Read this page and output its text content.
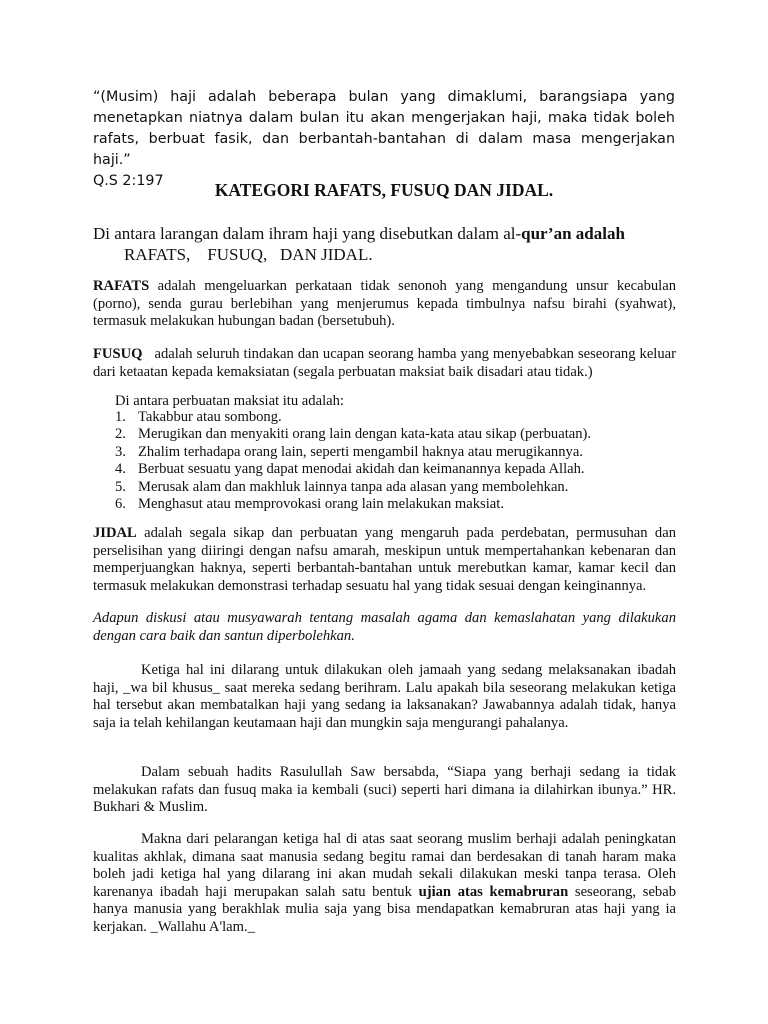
“(Musim) haji adalah beberapa bulan yang dimaklumi, barangsiapa yang menetapkan niatnya dalam bulan itu akan mengerjakan haji, maka tidak boleh rafats, berbuat fasik, dan berbantah-bantahan di dalam masa mengerjakan haji.”
Q.S 2:197	KATEGORI RAFATS, FUSUQ DAN JIDAL.
Di antara larangan dalam ihram haji yang disebutkan dalam al-qur’an adalah
RAFATS,    FUSUQ,   DAN JIDAL.
RAFATS adalah mengeluarkan perkataan tidak senonoh yang mengandung unsur kecabulan (porno), senda gurau berlebihan yang menjerumus kepada timbulnya nafsu birahi (syahwat), termasuk melakukan hubungan badan (bersetubuh).
FUSUQ   adalah seluruh tindakan dan ucapan seorang hamba yang menyebabkan seseorang keluar dari ketaatan kepada kemaksiatan (segala perbuatan maksiat baik disadari atau tidak.)
Di antara perbuatan maksiat itu adalah:
1. Takabbur atau sombong.
2. Merugikan dan menyakiti orang lain dengan kata-kata atau sikap (perbuatan).
3. Zhalim terhadapa orang lain, seperti mengambil haknya atau merugikannya.
4. Berbuat sesuatu yang dapat menodai akidah dan keimanannya kepada Allah.
5. Merusak alam dan makhluk lainnya tanpa ada alasan yang membolehkan.
6. Menghasut atau memprovokasi orang lain melakukan maksiat.
JIDAL adalah segala sikap dan perbuatan yang mengaruh pada perdebatan, permusuhan dan perselisihan yang diiringi dengan nafsu amarah, meskipun untuk mempertahankan kebenaran dan memperjuangkan haknya, seperti berbantah-bantahan untuk merebutkan kamar, kamar kecil dan termasuk melakukan demonstrasi terhadap sesuatu hal yang tidak sesuai dengan keinginannya.
Adapun diskusi atau musyawarah tentang masalah agama dan kemaslahatan yang dilakukan dengan cara baik dan santun diperbolehkan.
Ketiga hal ini dilarang untuk dilakukan oleh jamaah yang sedang melaksanakan ibadah haji, _wa bil khusus_ saat mereka sedang berihram. Lalu apakah bila seseorang melakukan ketiga hal tersebut akan membatalkan haji yang sedang ia laksanakan? Jawabannya adalah tidak, hanya saja ia telah kehilangan keutamaan haji dan mungkin saja mengurangi pahalanya.
Dalam sebuah hadits Rasulullah Saw bersabda, “Siapa yang berhaji sedang ia tidak melakukan rafats dan fusuq maka ia kembali (suci) seperti hari dimana ia dilahirkan ibunya.” HR. Bukhari & Muslim.
Makna dari pelarangan ketiga hal di atas saat seorang muslim berhaji adalah peningkatan kualitas akhlak, dimana saat manusia sedang begitu ramai dan berdesakan di tanah haram maka boleh jadi ketiga hal yang dilarang ini akan mudah sekali dilakukan meski tanpa terasa. Oleh karenanya ibadah haji merupakan salah satu bentuk ujian atas kemabruran seseorang, sebab hanya manusia yang berakhlak mulia saja yang bisa mendapatkan kemabruran atas haji yang ia kerjakan. _Wallahu A'lam._
